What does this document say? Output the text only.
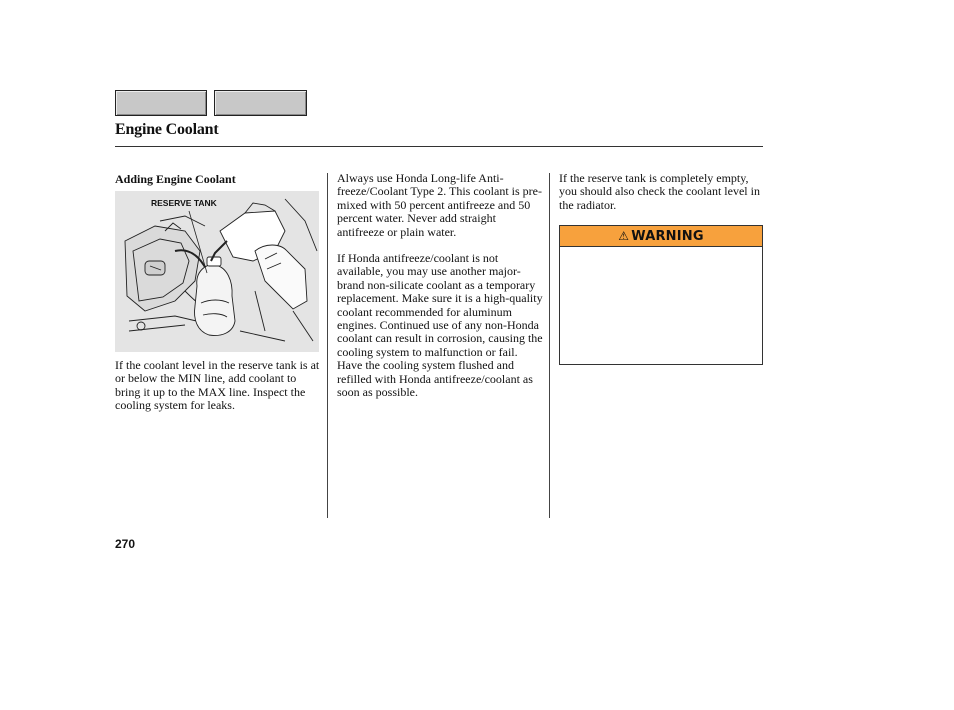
Engine Coolant
Adding Engine Coolant
RESERVE TANK

If the coolant level in the reserve tank is at or below the MIN line, add coolant to bring it up to the MAX line. Inspect the cooling system for leaks.

Always use Honda Long-life Anti-freeze/Coolant Type 2. This coolant is pre-mixed with 50 percent antifreeze and 50 percent water. Never add straight antifreeze or plain water.

If Honda antifreeze/coolant is not available, you may use another major-brand non-silicate coolant as a temporary replacement. Make sure it is a high-quality coolant recommended for aluminum engines. Continued use of any non-Honda coolant can result in corrosion, causing the cooling system to malfunction or fail. Have the cooling system flushed and refilled with Honda antifreeze/coolant as soon as possible.

If the reserve tank is completely empty, you should also check the coolant level in the radiator.

⚠ WARNING
270
